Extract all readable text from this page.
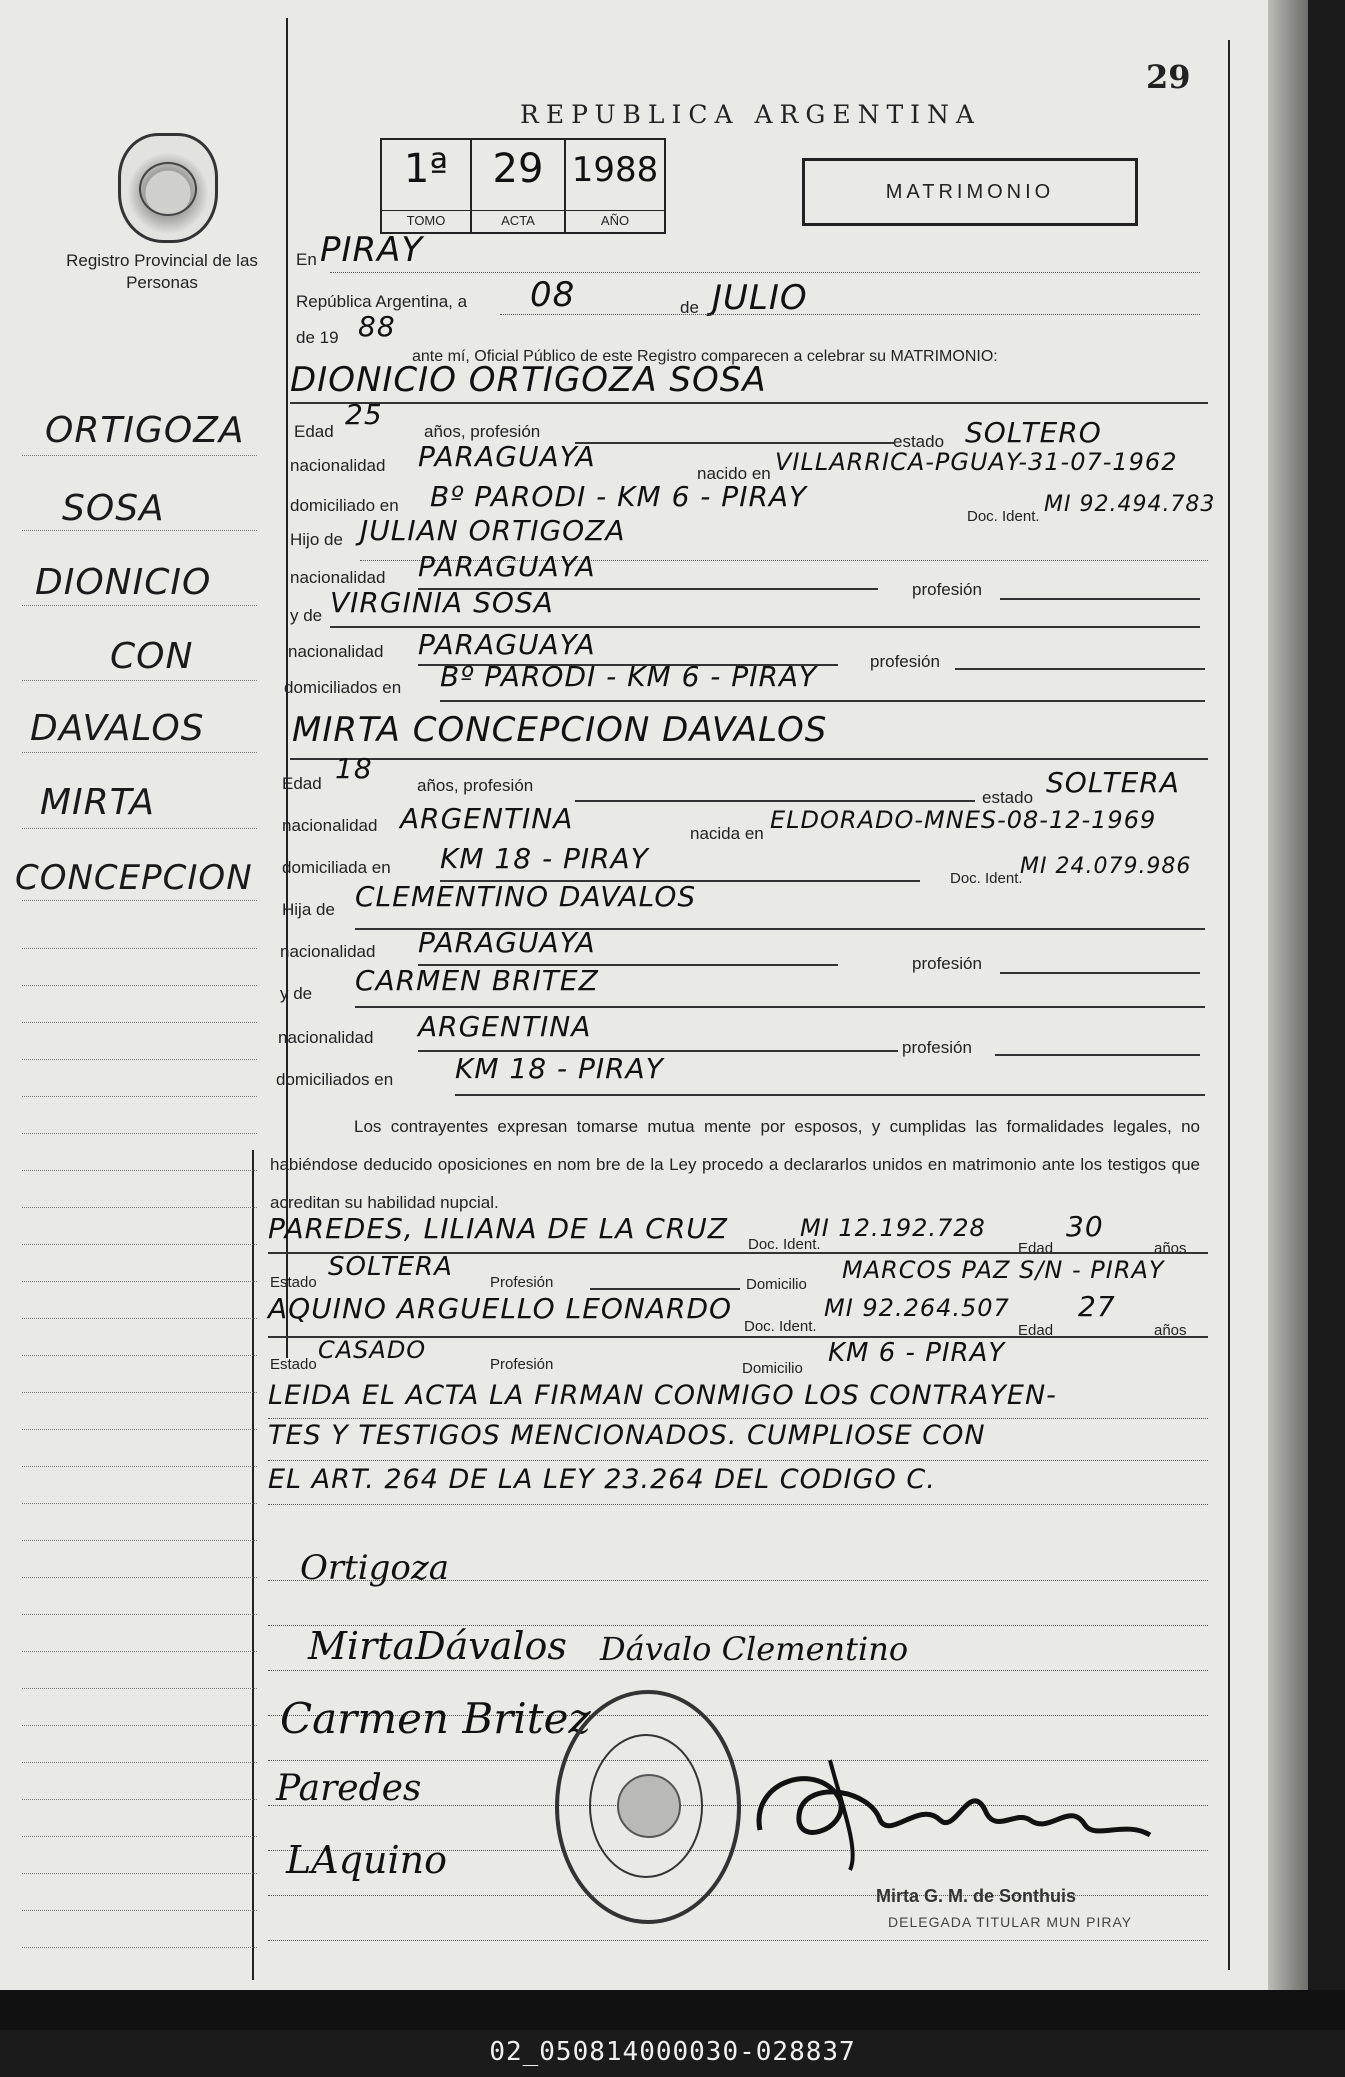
Registro Provincial de las Personas
ORTIGOZA
SOSA
DIONICIO
CON
DAVALOS
MIRTA
CONCEPCION
29
REPUBLICA ARGENTINA
1ª
TOMO
29
ACTA
1988
AÑO
MATRIMONIO
En PIRAY
República Argentina, a 08	de JULIO
de 19 88
ante mí, Oficial Público de este Registro comparecen a celebrar su MATRIMONIO:
DIONICIO ORTIGOZA SOSA
Edad
25
años, profesión
estado SOLTERO
nacionalidad PARAGUAYA
nacido en VILLARRICA-PGUAY-31-07-1962
domiciliado en Bº PARODI - KM 6 - PIRAY
Doc. Ident. MI 92.494.783
Hijo de JULIAN ORTIGOZA
nacionalidad PARAGUAYA
profesión
y de VIRGINIA SOSA
nacionalidad PARAGUAYA
profesión
domiciliados en Bº PARODI - KM 6 - PIRAY
MIRTA CONCEPCION DAVALOS
Edad 18
años, profesión
estado SOLTERA
nacionalidad ARGENTINA	nacida en ELDORADO-MNES-08-12-1969
domiciliada en KM 18 - PIRAY
Doc. Ident.
MI 24.079.986
Hija de CLEMENTINO DAVALOS
nacionalidad PARAGUAYA
profesión
y de CARMEN BRITEZ
nacionalidad ARGENTINA
profesión
domiciliados en KM 18 - PIRAY
Los contrayentes expresan tomarse mutua mente por esposos, y cumplidas las formalidades legales, no habiéndose deducido oposiciones en nom bre de la Ley procedo a declararlos unidos en matrimonio ante los testigos que acreditan su habilidad nupcial.
PAREDES, LILIANA DE LA CRUZ Doc. Ident.
MI 12.192.728
Edad
30
años
Estado
SOLTERA
Profesión	Domicilio
MARCOS PAZ S/N - PIRAY
AQUINO ARGUELLO LEONARDO
Doc. Ident.
MI 92.264.507
Edad
27
años
Estado
CASADO
Profesión	Domicilio
KM 6 - PIRAY
LEIDA EL ACTA LA FIRMAN CONMIGO LOS CONTRAYEN-
TES Y TESTIGOS MENCIONADOS. CUMPLIOSE CON
EL ART. 264 DE LA LEY 23.264 DEL CODIGO C.
Ortigoza
MirtaDávalos Dávalo Clementino
Carmen Britez
Paredes
LAquino
Mirta G. M. de Sonthuis
DELEGADA TITULAR MUN PIRAY
02_050814000030-028837
